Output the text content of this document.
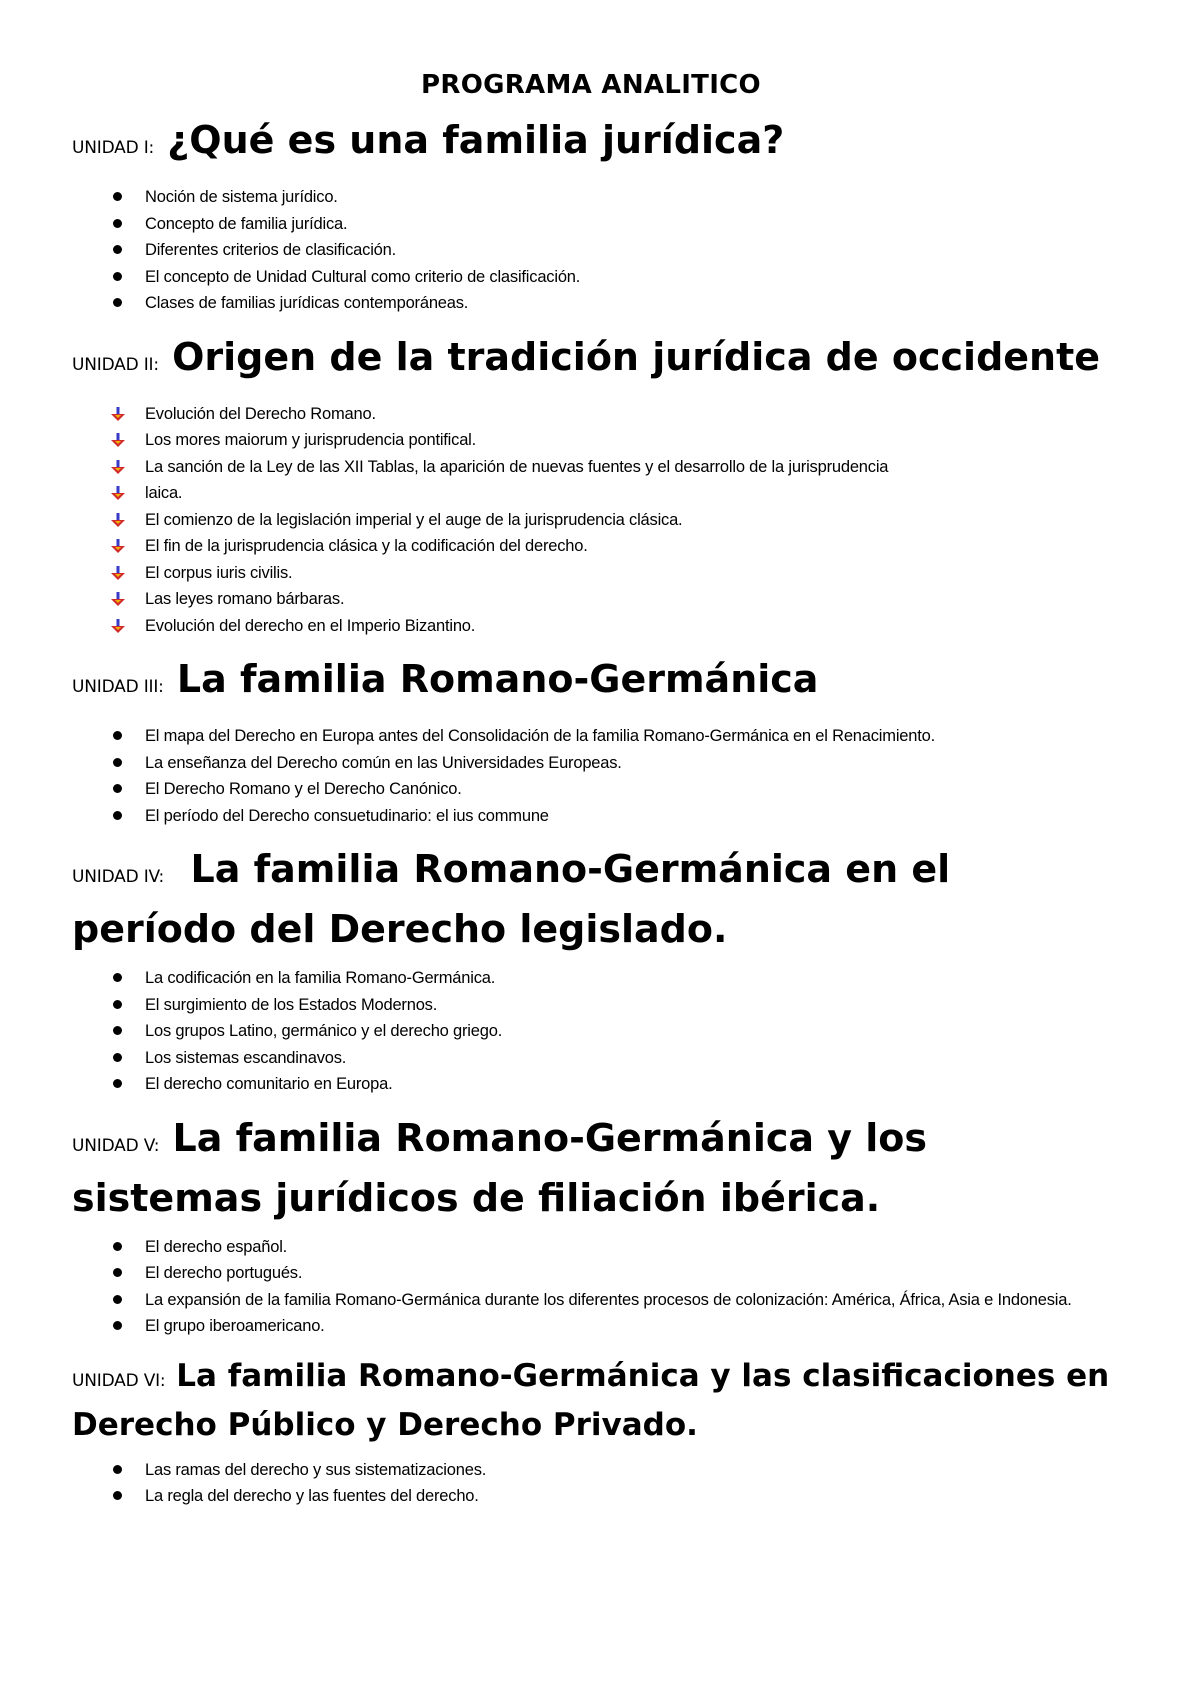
PROGRAMA ANALITICO
UNIDAD I: ¿Qué es una familia jurídica?
Noción de sistema jurídico.
Concepto de familia jurídica.
Diferentes criterios de clasificación.
El concepto de Unidad Cultural como criterio de clasificación.
Clases de familias jurídicas contemporáneas.
UNIDAD II: Origen de la tradición jurídica de occidente
Evolución del Derecho Romano.
Los mores maiorum y jurisprudencia pontifical.
La sanción de la Ley de las XII Tablas, la aparición de nuevas fuentes y el desarrollo de la jurisprudencia
laica.
El comienzo de la legislación imperial y el auge de la jurisprudencia clásica.
El fin de la jurisprudencia clásica y la codificación del derecho.
El corpus iuris civilis.
Las leyes romano bárbaras.
Evolución del derecho en el Imperio Bizantino.
UNIDAD III: La familia Romano-Germánica
El mapa del Derecho en Europa antes del Consolidación de la familia Romano-Germánica en el Renacimiento.
La enseñanza del Derecho común en las Universidades Europeas.
El Derecho Romano y el Derecho Canónico.
El período del Derecho consuetudinario: el ius commune
UNIDAD IV: La familia Romano-Germánica en el período del Derecho legislado.
La codificación en la familia Romano-Germánica.
El surgimiento de los Estados Modernos.
Los grupos Latino, germánico y el derecho griego.
Los sistemas escandinavos.
El derecho comunitario en Europa.
UNIDAD V: La familia Romano-Germánica y los sistemas jurídicos de filiación ibérica.
El derecho español.
El derecho portugués.
La expansión de la familia Romano-Germánica durante los diferentes procesos de colonización: América, África, Asia e Indonesia.
El grupo iberoamericano.
UNIDAD VI: La familia Romano-Germánica y las clasificaciones en Derecho Público y Derecho Privado.
Las ramas del derecho y sus sistematizaciones.
La regla del derecho y las fuentes del derecho.
